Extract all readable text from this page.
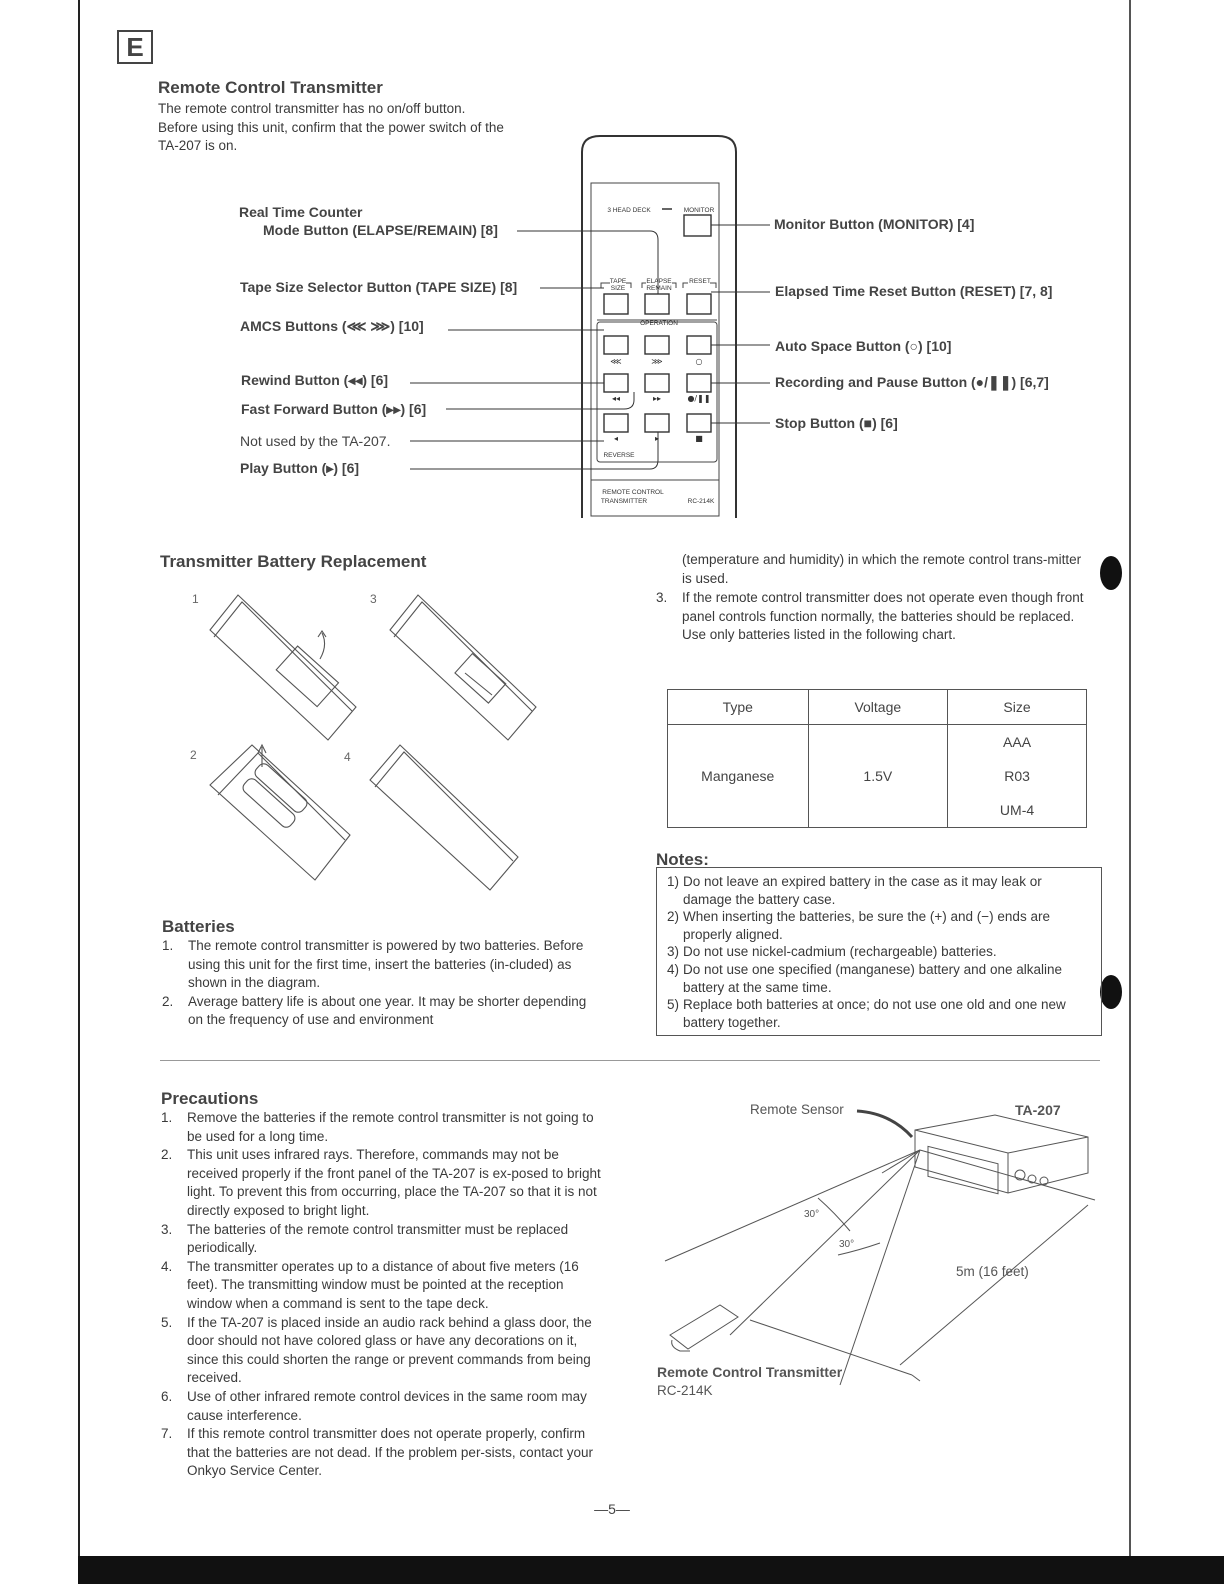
E
Remote Control Transmitter
The remote control transmitter has no on/off button.
Before using this unit, confirm that the power switch of the
TA-207 is on.
3 HEAD DECK	MONITOR
TAPE
SIZE
ELAPSE
REMAIN
RESET
OPERATION
REVERSE
REMOTE CONTROL
TRANSMITTER	RC-214K
⋘	⋙	○
◂◂	▸▸	●/❚❚
◂	▸	■
Real Time Counter
Mode Button (ELAPSE/REMAIN) [8]
Tape Size Selector Button (TAPE SIZE) [8]
AMCS Buttons (⋘ ⋙) [10]
Rewind Button (◂◂) [6]
Fast Forward Button (▸▸) [6]
Not used by the TA-207.
Play Button (▸) [6]
Monitor Button (MONITOR) [4]
Elapsed Time Reset Button (RESET) [7, 8]
Auto Space Button (○) [10]
Recording and Pause Button (●/❚❚) [6,7]
Stop Button (■) [6]
Transmitter Battery Replacement
1	3
2	4
Batteries
1. The remote control transmitter is powered by two batteries. Before using this unit for the first time, insert the batteries (in-cluded) as shown in the diagram.
2. Average battery life is about one year. It may be shorter depending on the frequency of use and environment
(temperature and humidity) in which the remote control trans-mitter is used.
3. If the remote control transmitter does not operate even though front panel controls function normally, the batteries should be replaced. Use only batteries listed in the following chart.
Type	Voltage	Size
Manganese	1.5V	AAA
		R03
		UM-4
Notes:
1) Do not leave an expired battery in the case as it may leak or damage the battery case.
2) When inserting the batteries, be sure the (+) and (−) ends are properly aligned.
3) Do not use nickel-cadmium (rechargeable) batteries.
4) Do not use one specified (manganese) battery and one alkaline battery at the same time.
5) Replace both batteries at once; do not use one old and one new battery together.
Precautions
1. Remove the batteries if the remote control transmitter is not going to be used for a long time.
2. This unit uses infrared rays. Therefore, commands may not be received properly if the front panel of the TA-207 is ex-posed to bright light. To prevent this from occurring, place the TA-207 so that it is not directly exposed to bright light.
3. The batteries of the remote control transmitter must be replaced periodically.
4. The transmitter operates up to a distance of about five meters (16 feet). The transmitting window must be pointed at the reception window when a command is sent to the tape deck.
5. If the TA-207 is placed inside an audio rack behind a glass door, the door should not have colored glass or have any decorations on it, since this could shorten the range or prevent commands from being received.
6. Use of other infrared remote control devices in the same room may cause interference.
7. If this remote control transmitter does not operate properly, confirm that the batteries are not dead. If the problem per-sists, contact your Onkyo Service Center.
Remote Sensor	TA-207
30°
30°
5m (16 feet)
Remote Control Transmitter
RC-214K
—5—
